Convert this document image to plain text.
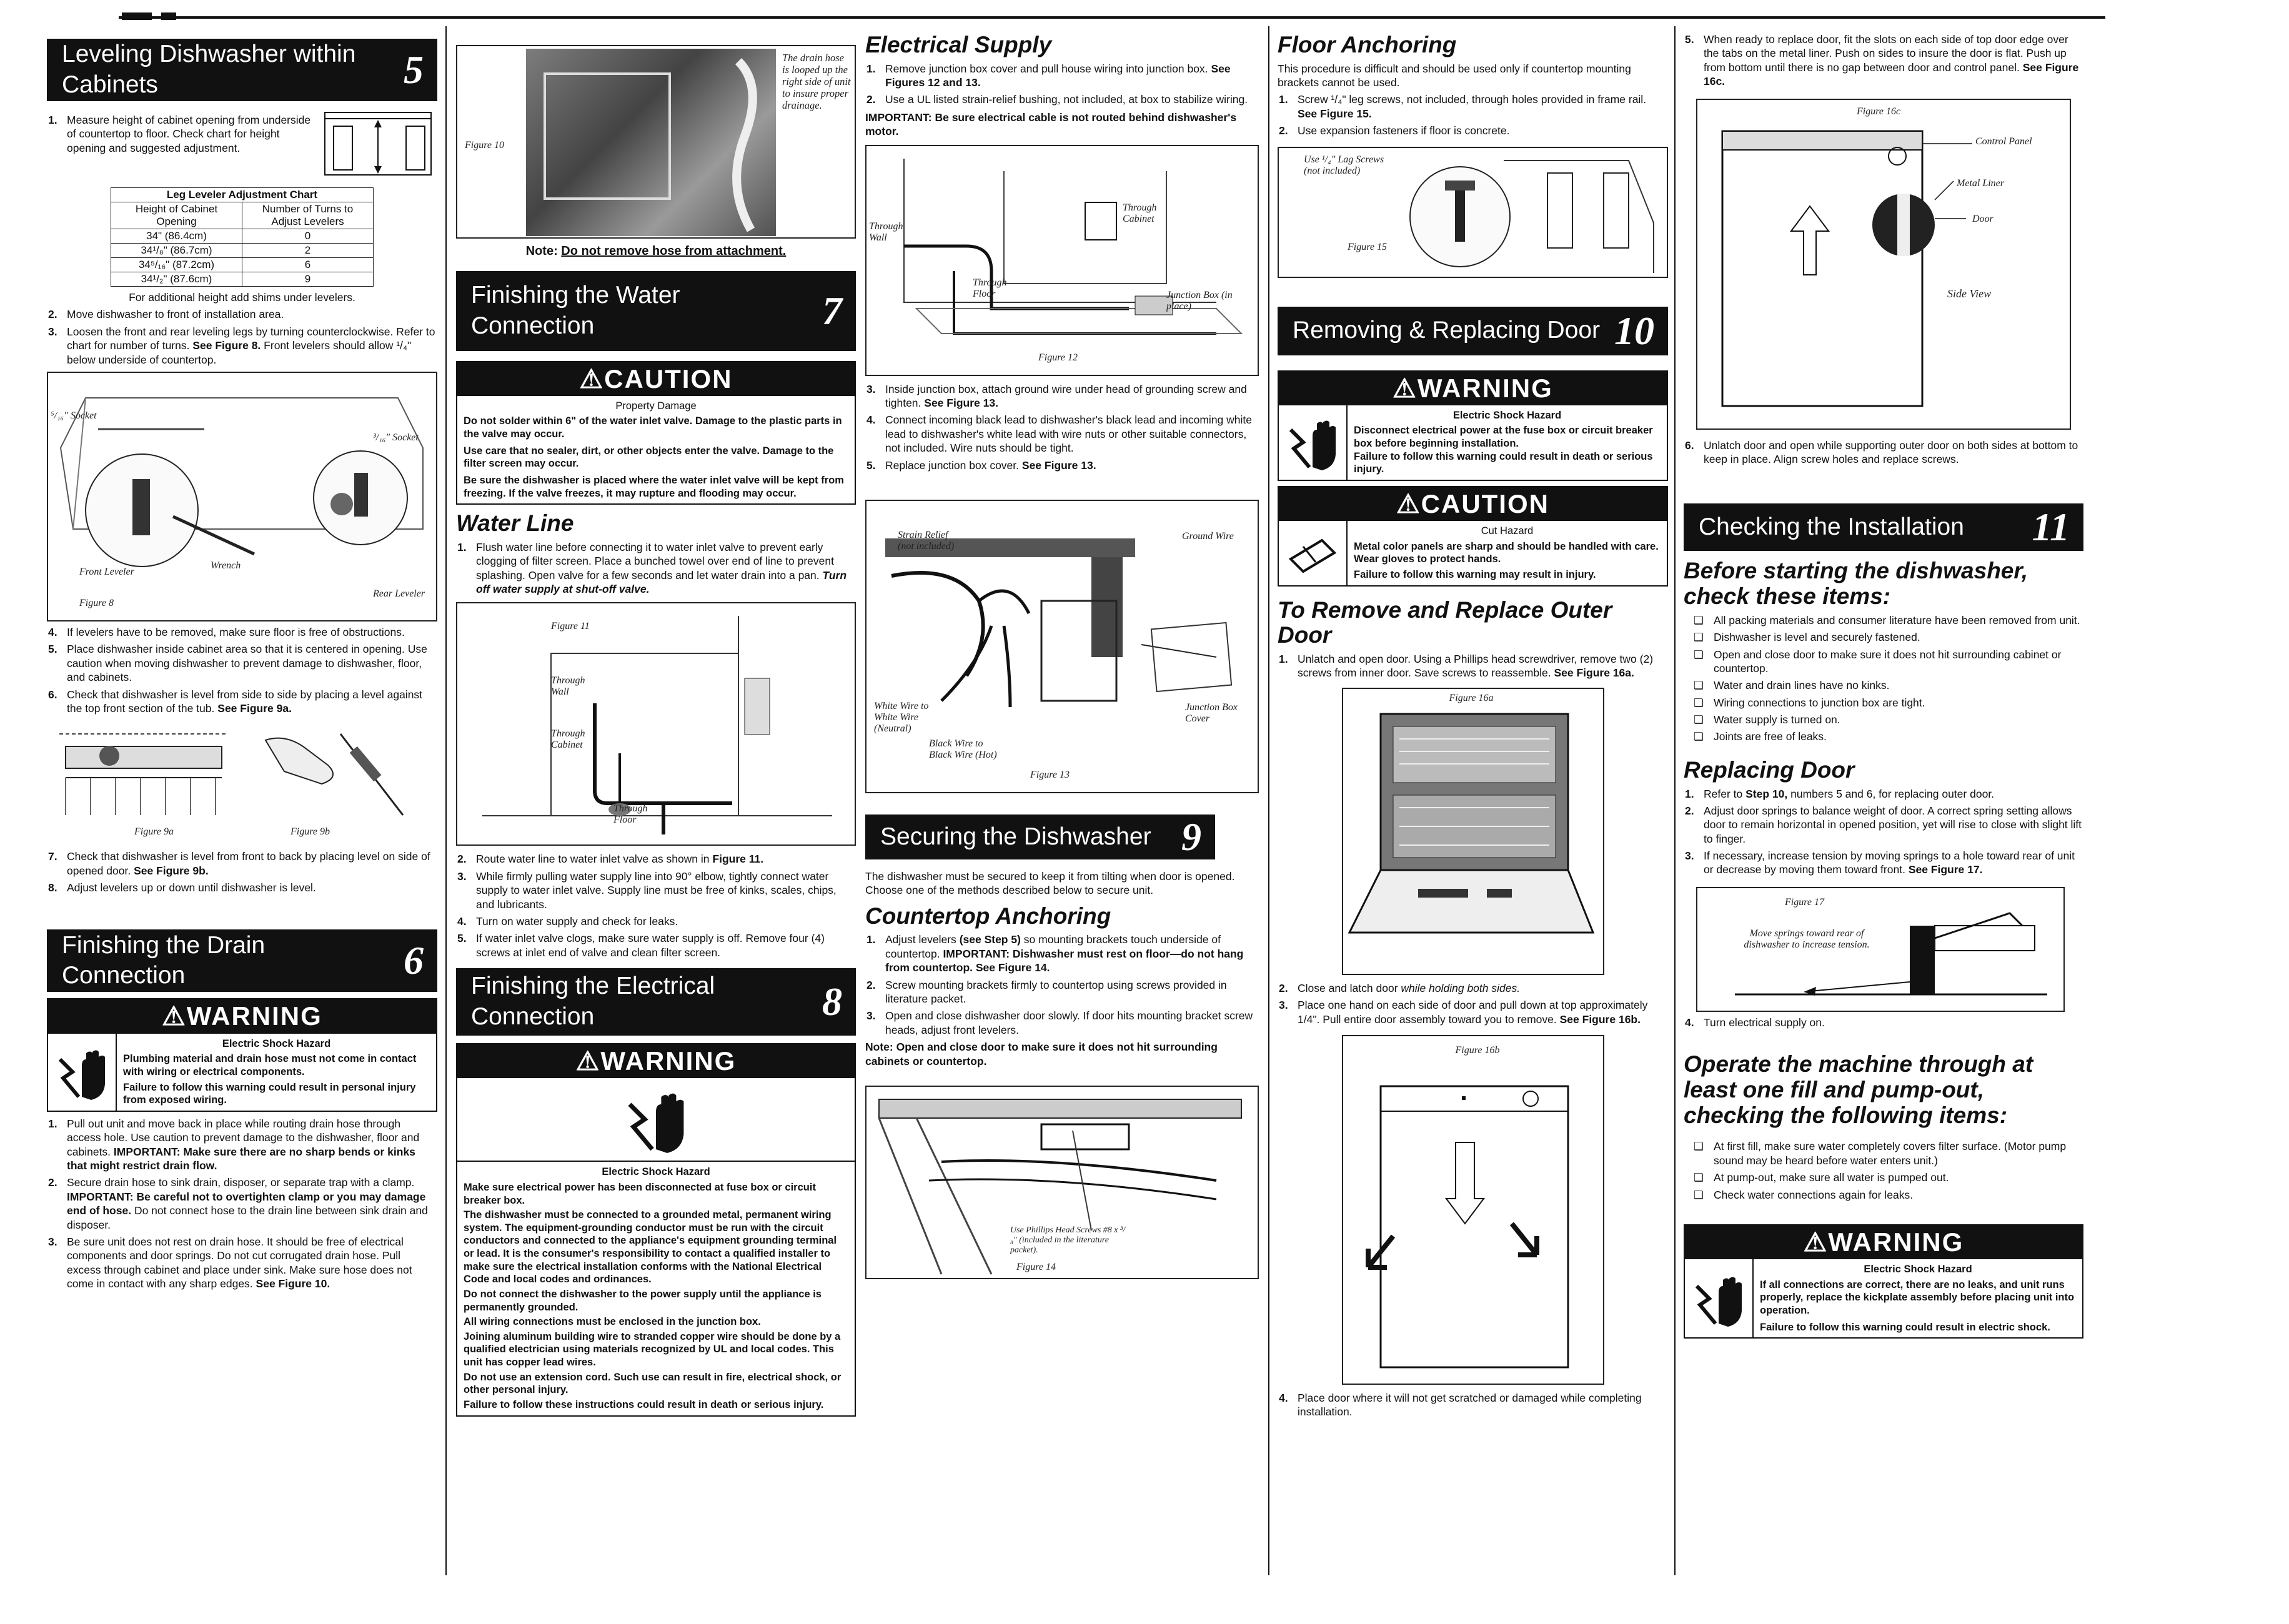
Leveling Dishwasher within Cabinets	5
1. Measure height of cabinet opening from underside of countertop to floor. Check chart for height opening and suggested adjustment.
Leg Leveler Adjustment Chart	
Height of Cabinet Opening	Number of Turns to Adjust Levelers
34" (86.4cm)	0
34¹/₈" (86.7cm)	2
34⁵/₁₆" (87.2cm)	6
34¹/₂" (87.6cm)	9
For additional height add shims under levelers.
2. Move dishwasher to front of installation area.
3. Loosen the front and rear leveling legs by turning counterclockwise. Refer to chart for number of turns. See Figure 8. Front levelers should allow ¹/₄" below underside of countertop.
⁵/₁₆" Socket
³/₁₆" Socket
Front Leveler
Wrench
Rear Leveler
Figure 8
4. If levelers have to be removed, make sure floor is free of obstructions.
5. Place dishwasher inside cabinet area so that it is centered in opening. Use caution when moving dishwasher to prevent damage to dishwasher, floor, and cabinets.
6. Check that dishwasher is level from side to side by placing a level against the top front section of the tub. See Figure 9a.
Figure 9a	Figure 9b
7. Check that dishwasher is level from front to back by placing level on side of opened door. See Figure 9b.
8. Adjust levelers up or down until dishwasher is level.
Finishing the Drain Connection	6
⚠WARNING
Electric Shock Hazard
Plumbing material and drain hose must not come in contact with wiring or electrical components.
Failure to follow this warning could result in personal injury from exposed wiring.
1. Pull out unit and move back in place while routing drain hose through access hole. Use caution to prevent damage to the dishwasher, floor and cabinets. IMPORTANT: Make sure there are no sharp bends or kinks that might restrict drain flow.
2. Secure drain hose to sink drain, disposer, or separate trap with a clamp. IMPORTANT: Be careful not to overtighten clamp or you may damage end of hose. Do not connect hose to the drain line between sink drain and disposer.
3. Be sure unit does not rest on drain hose. It should be free of electrical components and door springs. Do not cut corrugated drain hose. Pull excess through cabinet and place under sink. Make sure hose does not come in contact with any sharp edges. See Figure 10.
Figure 10
The drain hose is looped up the right side of unit to insure proper drainage.
Note: Do not remove hose from attachment.
Finishing the Water Connection	7
⚠CAUTION
Property Damage
Do not solder within 6" of the water inlet valve. Damage to the plastic parts in the valve may occur.
Use care that no sealer, dirt, or other objects enter the valve. Damage to the filter screen may occur.
Be sure the dishwasher is placed where the water inlet valve will be kept from freezing. If the valve freezes, it may rupture and flooding may occur.
Water Line
1. Flush water line before connecting it to water inlet valve to prevent early clogging of filter screen. Place a bunched towel over end of line to prevent splashing. Open valve for a few seconds and let water drain into a pan. Turn off water supply at shut-off valve.
Figure 11
Through Wall
Through Cabinet
Through Floor
2. Route water line to water inlet valve as shown in Figure 11.
3. While firmly pulling water supply line into 90° elbow, tightly connect water supply to water inlet valve. Supply line must be free of kinks, scales, chips, and lubricants.
4. Turn on water supply and check for leaks.
5. If water inlet valve clogs, make sure water supply is off. Remove four (4) screws at inlet end of valve and clean filter screen.
Finishing the Electrical Connection	8
⚠WARNING
Electric Shock Hazard
Make sure electrical power has been disconnected at fuse box or circuit breaker box.
The dishwasher must be connected to a grounded metal, permanent wiring system. The equipment-grounding conductor must be run with the circuit conductors and connected to the appliance's equipment grounding terminal or lead. It is the consumer's responsibility to contact a qualified installer to make sure the electrical installation conforms with the National Electrical Code and local codes and ordinances.
Do not connect the dishwasher to the power supply until the appliance is permanently grounded.
All wiring connections must be enclosed in the junction box.
Joining aluminum building wire to stranded copper wire should be done by a qualified electrician using materials recognized by UL and local codes. This unit has copper lead wires.
Do not use an extension cord. Such use can result in fire, electrical shock, or other personal injury.
Failure to follow these instructions could result in death or serious injury.
Electrical Supply
1. Remove junction box cover and pull house wiring into junction box. See Figures 12 and 13.
2. Use a UL listed strain-relief bushing, not included, at box to stabilize wiring.
IMPORTANT: Be sure electrical cable is not routed behind dishwasher's motor.
Through Wall
Through Cabinet
Through Floor	Junction Box (in place)
Figure 12
3. Inside junction box, attach ground wire under head of grounding screw and tighten. See Figure 13.
4. Connect incoming black lead to dishwasher's black lead and incoming white lead to dishwasher's white lead with wire nuts or other suitable connectors, not included. Wire nuts should be tight.
5. Replace junction box cover. See Figure 13.
Strain Relief (not included)
Ground Wire
White Wire to White Wire (Neutral)
Black Wire to Black Wire (Hot)
Junction Box Cover
Figure 13
Securing the Dishwasher 9
The dishwasher must be secured to keep it from tilting when door is opened. Choose one of the methods described below to secure unit.
Countertop Anchoring
1. Adjust levelers (see Step 5) so mounting brackets touch underside of countertop. IMPORTANT: Dishwasher must rest on floor—do not hang from countertop. See Figure 14.
2. Screw mounting brackets firmly to countertop using screws provided in literature packet.
3. Open and close dishwasher door slowly. If door hits mounting bracket screw heads, adjust front levelers.
Note: Open and close door to make sure it does not hit surrounding cabinets or countertop.
Use Phillips Head Screws #8 x ³/₈" (included in the literature packet).
Figure 14
Floor Anchoring
This procedure is difficult and should be used only if countertop mounting brackets cannot be used.
1. Screw ¹/₄" leg screws, not included, through holes provided in frame rail. See Figure 15.
2. Use expansion fasteners if floor is concrete.
Use ¹/₄" Lag Screws (not included)
Figure 15
Removing & Replacing Door 10
⚠WARNING
Electric Shock Hazard
Disconnect electrical power at the fuse box or circuit breaker box before beginning installation.
Failure to follow this warning could result in death or serious injury.
⚠CAUTION
Cut Hazard
Metal color panels are sharp and should be handled with care. Wear gloves to protect hands.
Failure to follow this warning may result in injury.
To Remove and Replace Outer Door
1. Unlatch and open door. Using a Phillips head screwdriver, remove two (2) screws from inner door. Save screws to reassemble. See Figure 16a.
Figure 16a
2. Close and latch door while holding both sides.
3. Place one hand on each side of door and pull down at top approximately 1/4". Pull entire door assembly toward you to remove. See Figure 16b.
Figure 16b
4. Place door where it will not get scratched or damaged while completing installation.
5. When ready to replace door, fit the slots on each side of top door edge over the tabs on the metal liner. Push on sides to insure the door is flat. Push up from bottom until there is no gap between door and control panel. See Figure 16c.
Figure 16c
Control Panel
Metal Liner
Door
Side View
6. Unlatch door and open while supporting outer door on both sides at bottom to keep in place. Align screw holes and replace screws.
Checking the Installation 11
Before starting the dishwasher, check these items:
❑ All packing materials and consumer literature have been removed from unit.
❑ Dishwasher is level and securely fastened.
❑ Open and close door to make sure it does not hit surrounding cabinet or countertop.
❑ Water and drain lines have no kinks.
❑ Wiring connections to junction box are tight.
❑ Water supply is turned on.
❑ Joints are free of leaks.
Replacing Door
1. Refer to Step 10, numbers 5 and 6, for replacing outer door.
2. Adjust door springs to balance weight of door. A correct spring setting allows door to remain horizontal in opened position, yet will rise to close with slight lift to finger.
3. If necessary, increase tension by moving springs to a hole toward rear of unit or decrease by moving them toward front. See Figure 17.
Figure 17
Move springs toward rear of dishwasher to increase tension.
4. Turn electrical supply on.
Operate the machine through at least one fill and pump-out, checking the following items:
❑ At first fill, make sure water completely covers filter surface. (Motor pump sound may be heard before water enters unit.)
❑ At pump-out, make sure all water is pumped out.
❑ Check water connections again for leaks.
⚠WARNING
Electric Shock Hazard
If all connections are correct, there are no leaks, and unit runs properly, replace the kickplate assembly before placing unit into operation.
Failure to follow this warning could result in electric shock.
